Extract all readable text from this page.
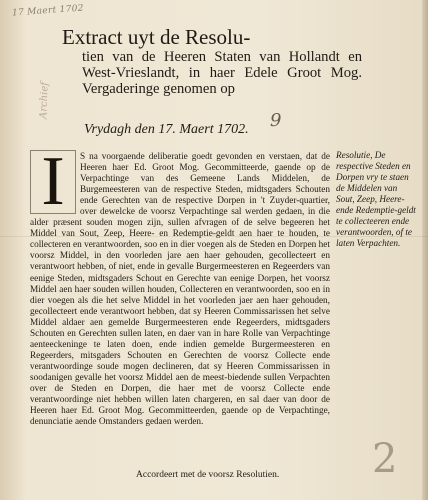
17 Maert 1702
Archief
Extract uyt de Resolu-

tien van de Heeren Staten van Hollandt en West-Vrieslandt, in haer Edele Groot Mog. Vergaderinge genomen op

9
Vrydagh den 17. Maert 1702.
I	S na voorgaende deliberatie goedt gevonden en verstaen, dat de Heeren haer Ed. Groot Mog. Gecommitteerde, gaende op de Verpachtinge van des Gemeene Lands Middelen, de Burgemeesteren van de respective Steden, midtsgaders Schouten ende Gerechten van de respective Dorpen in 't Zuyder-quartier, over dewelcke de voorsz Verpachtinge sal werden gedaen, in die alder præsent souden mogen zijn, sullen afvragen of de selve begeeren het Middel van Sout, Zeep, Heere- en Redemptie-geldt aen haer te houden, te collecteren en verantwoorden, soo en in dier voegen als de Steden en Dorpen het voorsz Middel, in den voorleden jare aen haer gehouden, gecollecteert en verantwoort hebben, of niet, ende in gevalle Burgermeesteren en Regeerders van eenige Steden, midtsgaders Schout en Gerechte van eenige Dorpen, het voorsz Middel aen haer souden willen houden, Collecteren en verantwoorden, soo en in dier voegen als die het selve Middel in het voorleden jaer aen haer gehouden, gecollecteert ende verantwoort hebben, dat sy Heeren Commissarissen het selve Middel aldaer aen gemelde Burgermeesteren ende Regeerders, midtsgaders Schouten en Gerechten sullen laten, en daer van in hare Rolle van Verpachtinge aenteeckeninge te laten doen, ende indien gemelde Burgermeesteren en Regeerders, mitsgaders Schouten en Gerechten de voorsz Collecte ende verantwoordinge soude mogen declineren, dat sy Heeren Commissarissen in soodanigen gevalle het voorsz Middel aen de meest-biedende sullen Verpachten over de Steden en Dorpen, die haer met de voorsz Collecte ende verantwoordinge niet hebben willen laten chargeren, en sal daer van door de Heeren haer Ed. Groot Mog. Gecommitteerden, gaende op de Verpachtinge, denunciatie aende Omstanders gedaen werden.
Resolutie, De respective Steden en Dorpen vry te staen de Middelen van Sout, Zeep, Heere-ende Redemptie-geldt te collecteeren ende verantwoorden, of te laten Verpachten.
Accordeert met de voorsz Resolutien. 2
